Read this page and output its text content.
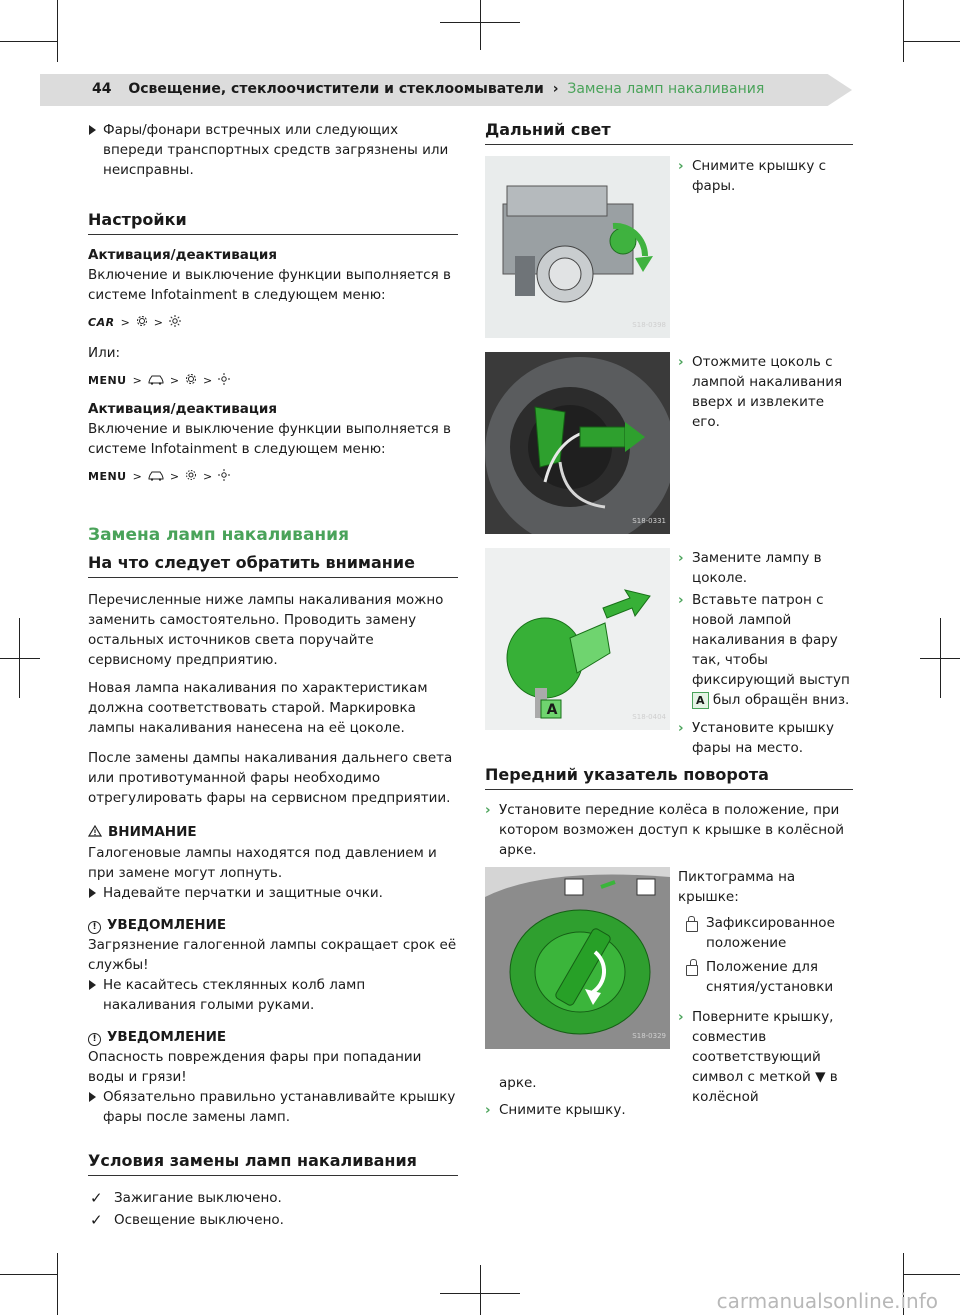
44 Освещение, стеклоочистители и стеклоомыватели › Замена ламп накаливания

Фары/фонари встречных или следующих впереди транспортных средств загрязнены или неисправны.

Настройки

Активация/деактивация

Включение и выключение функции выполняется в системе Infotainment в следующем меню:

CAR > >

Или:

MENU >	> >

Активация/деактивация

Включение и выключение функции выполняется в системе Infotainment в следующем меню:

MENU >	> >
Замена ламп накаливания
На что следует обратить внимание

Перечисленные ниже лампы накаливания можно заменить самостоятельно. Проводить замену остальных источников света поручайте сервисному предприятию.

Новая лампа накаливания по характеристикам должна соответствовать старой. Маркировка лампы накаливания нанесена на её цоколе.

После замены дампы накаливания дальнего света или противотуманной фары необходимо отрегулировать фары на сервисном предприятии.

ВНИМАНИЕ

Галогеновые лампы находятся под давлением и при замене могут лопнуть.

Надевайте перчатки и защитные очки.

! УВЕДОМЛЕНИЕ

Загрязнение галогенной лампы сокращает срок её службы!

Не касайтесь стеклянных колб ламп накаливания голыми руками.

! УВЕДОМЛЕНИЕ

Опасность повреждения фары при попадании воды и грязи!

Обязательно правильно устанавливайте крышку фары после замены ламп.

Условия замены ламп накаливания

✓ Зажигание выключено.

✓ Освещение выключено.

Дальний свет
S18-0398

› Снимите крышку с фары.

S18-0331

› Отожмите цоколь с лампой накаливания вверх и извлеките его.

A	S18-0404

› Замените лампу в цоколе.

› Вставьте патрон с новой лампой накаливания в фару так, чтобы фиксирующий выступ A был обращён вниз.

› Установите крышку фары на место.

Передний указатель поворота

› Установите передние колёса в положение, при котором возможен доступ к крышке в колёсной арке.

S18-0329

Пиктограмма на крышке:

Зафиксированное положение
Положение для снятия/установки

› Поверните крышку, совместив соответствующий символ с меткой ▼ в колёсной

арке.

› Снимите крышку.

carmanualsonline.info
